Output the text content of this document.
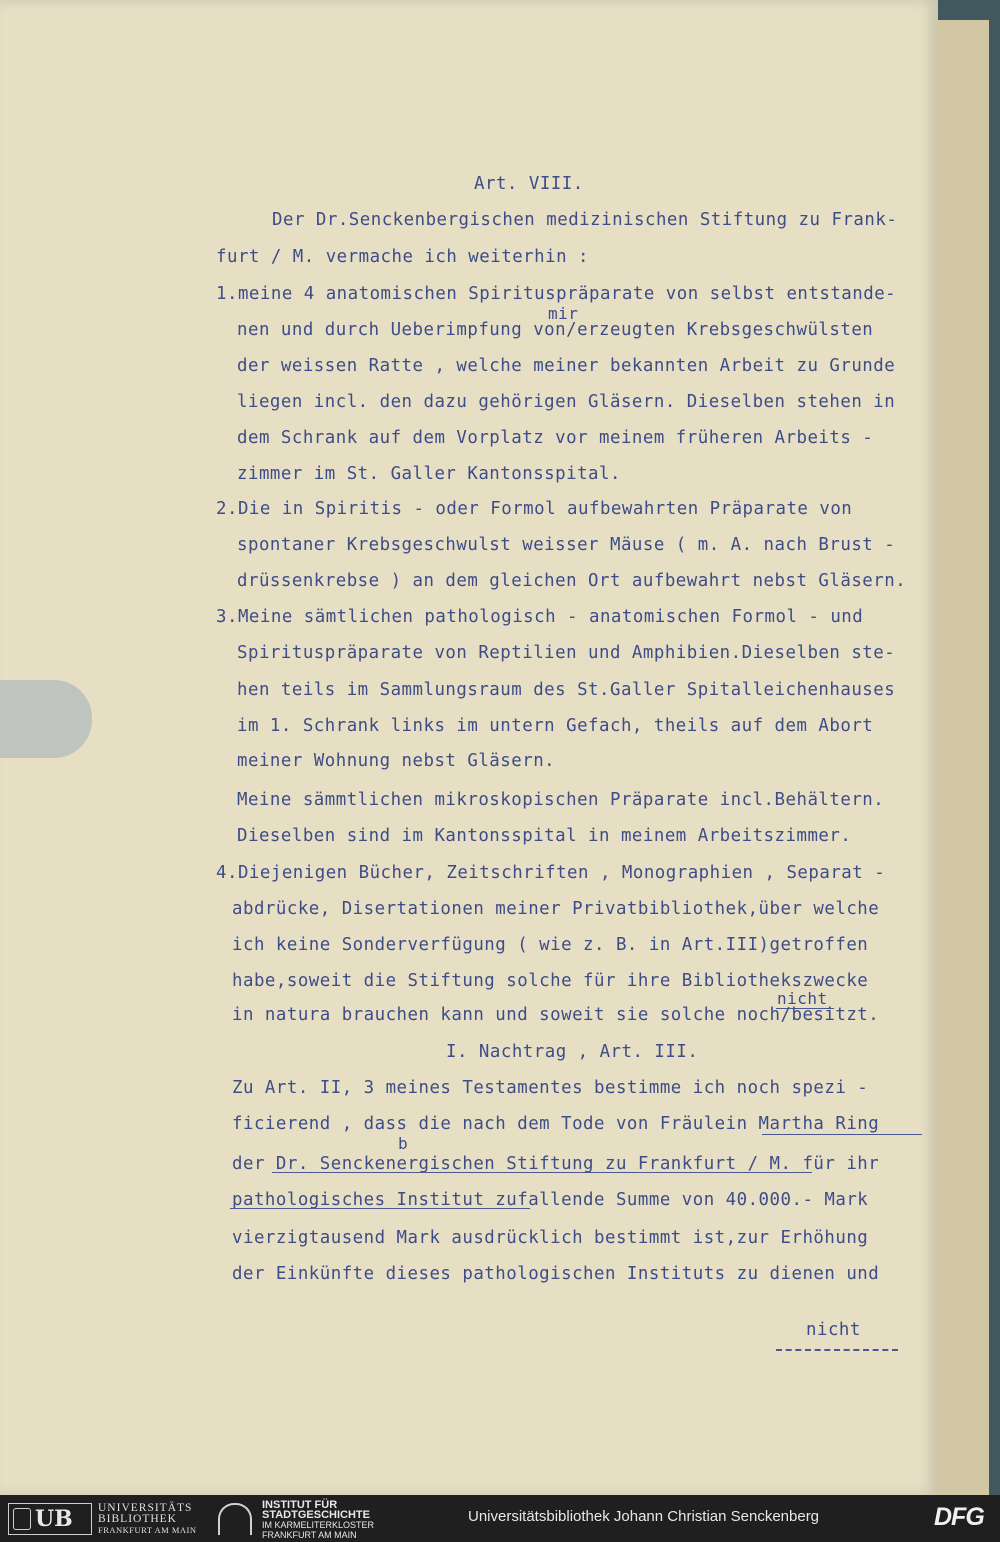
Art. VIII.
Der Dr.Senckenbergischen medizinischen Stiftung zu Frank-
furt / M. vermache ich weiterhin :
1.meine 4 anatomischen Spirituspräparate von selbst entstande-
mir
nen und durch Ueberimpfung von/erzeugten Krebsgeschwülsten
der weissen Ratte , welche meiner bekannten Arbeit zu Grunde
liegen incl. den dazu gehörigen Gläsern. Dieselben stehen in
dem Schrank auf dem Vorplatz vor meinem früheren Arbeits -
zimmer im St. Galler Kantonsspital.
2.Die in Spiritis - oder Formol aufbewahrten Präparate von
spontaner Krebsgeschwulst weisser Mäuse ( m. A. nach Brust -
drüssenkrebse ) an dem gleichen Ort aufbewahrt nebst Gläsern.
3.Meine sämtlichen pathologisch - anatomischen Formol - und
Spirituspräparate von Reptilien und Amphibien.Dieselben ste-
hen teils im Sammlungsraum des St.Galler Spitalleichenhauses
im 1. Schrank links im untern Gefach, theils auf dem Abort
meiner Wohnung nebst Gläsern.
Meine sämmtlichen mikroskopischen Präparate incl.Behältern.
Dieselben sind im Kantonsspital in meinem Arbeitszimmer.
4.Diejenigen Bücher, Zeitschriften , Monographien , Separat -
abdrücke, Disertationen meiner Privatbibliothek,über welche
ich keine Sonderverfügung ( wie z. B. in Art.III)getroffen
habe,soweit die Stiftung solche für ihre Bibliothekszwecke
nicht
in natura brauchen kann und soweit sie solche noch/besitzt.
I. Nachtrag , Art. III.
Zu Art. II, 3 meines Testamentes bestimme ich noch spezi -
ficierend , dass die nach dem Tode von Fräulein Martha Ring
b
der Dr. Senckenergischen Stiftung zu Frankfurt / M. für ihr
pathologisches Institut zufallende Summe von 40.000.- Mark
vierzigtausend Mark ausdrücklich bestimmt ist,zur Erhöhung
der Einkünfte dieses pathologischen Instituts zu dienen und
nicht
UB UNIVERSITÄTS
BIBLIOTHEK
FRANKFURT AM MAIN
INSTITUT FÜR
STADTGESCHICHTE
IM KARMELITERKLOSTER
FRANKFURT AM MAIN
Universitätsbibliothek Johann Christian Senckenberg	DFG
